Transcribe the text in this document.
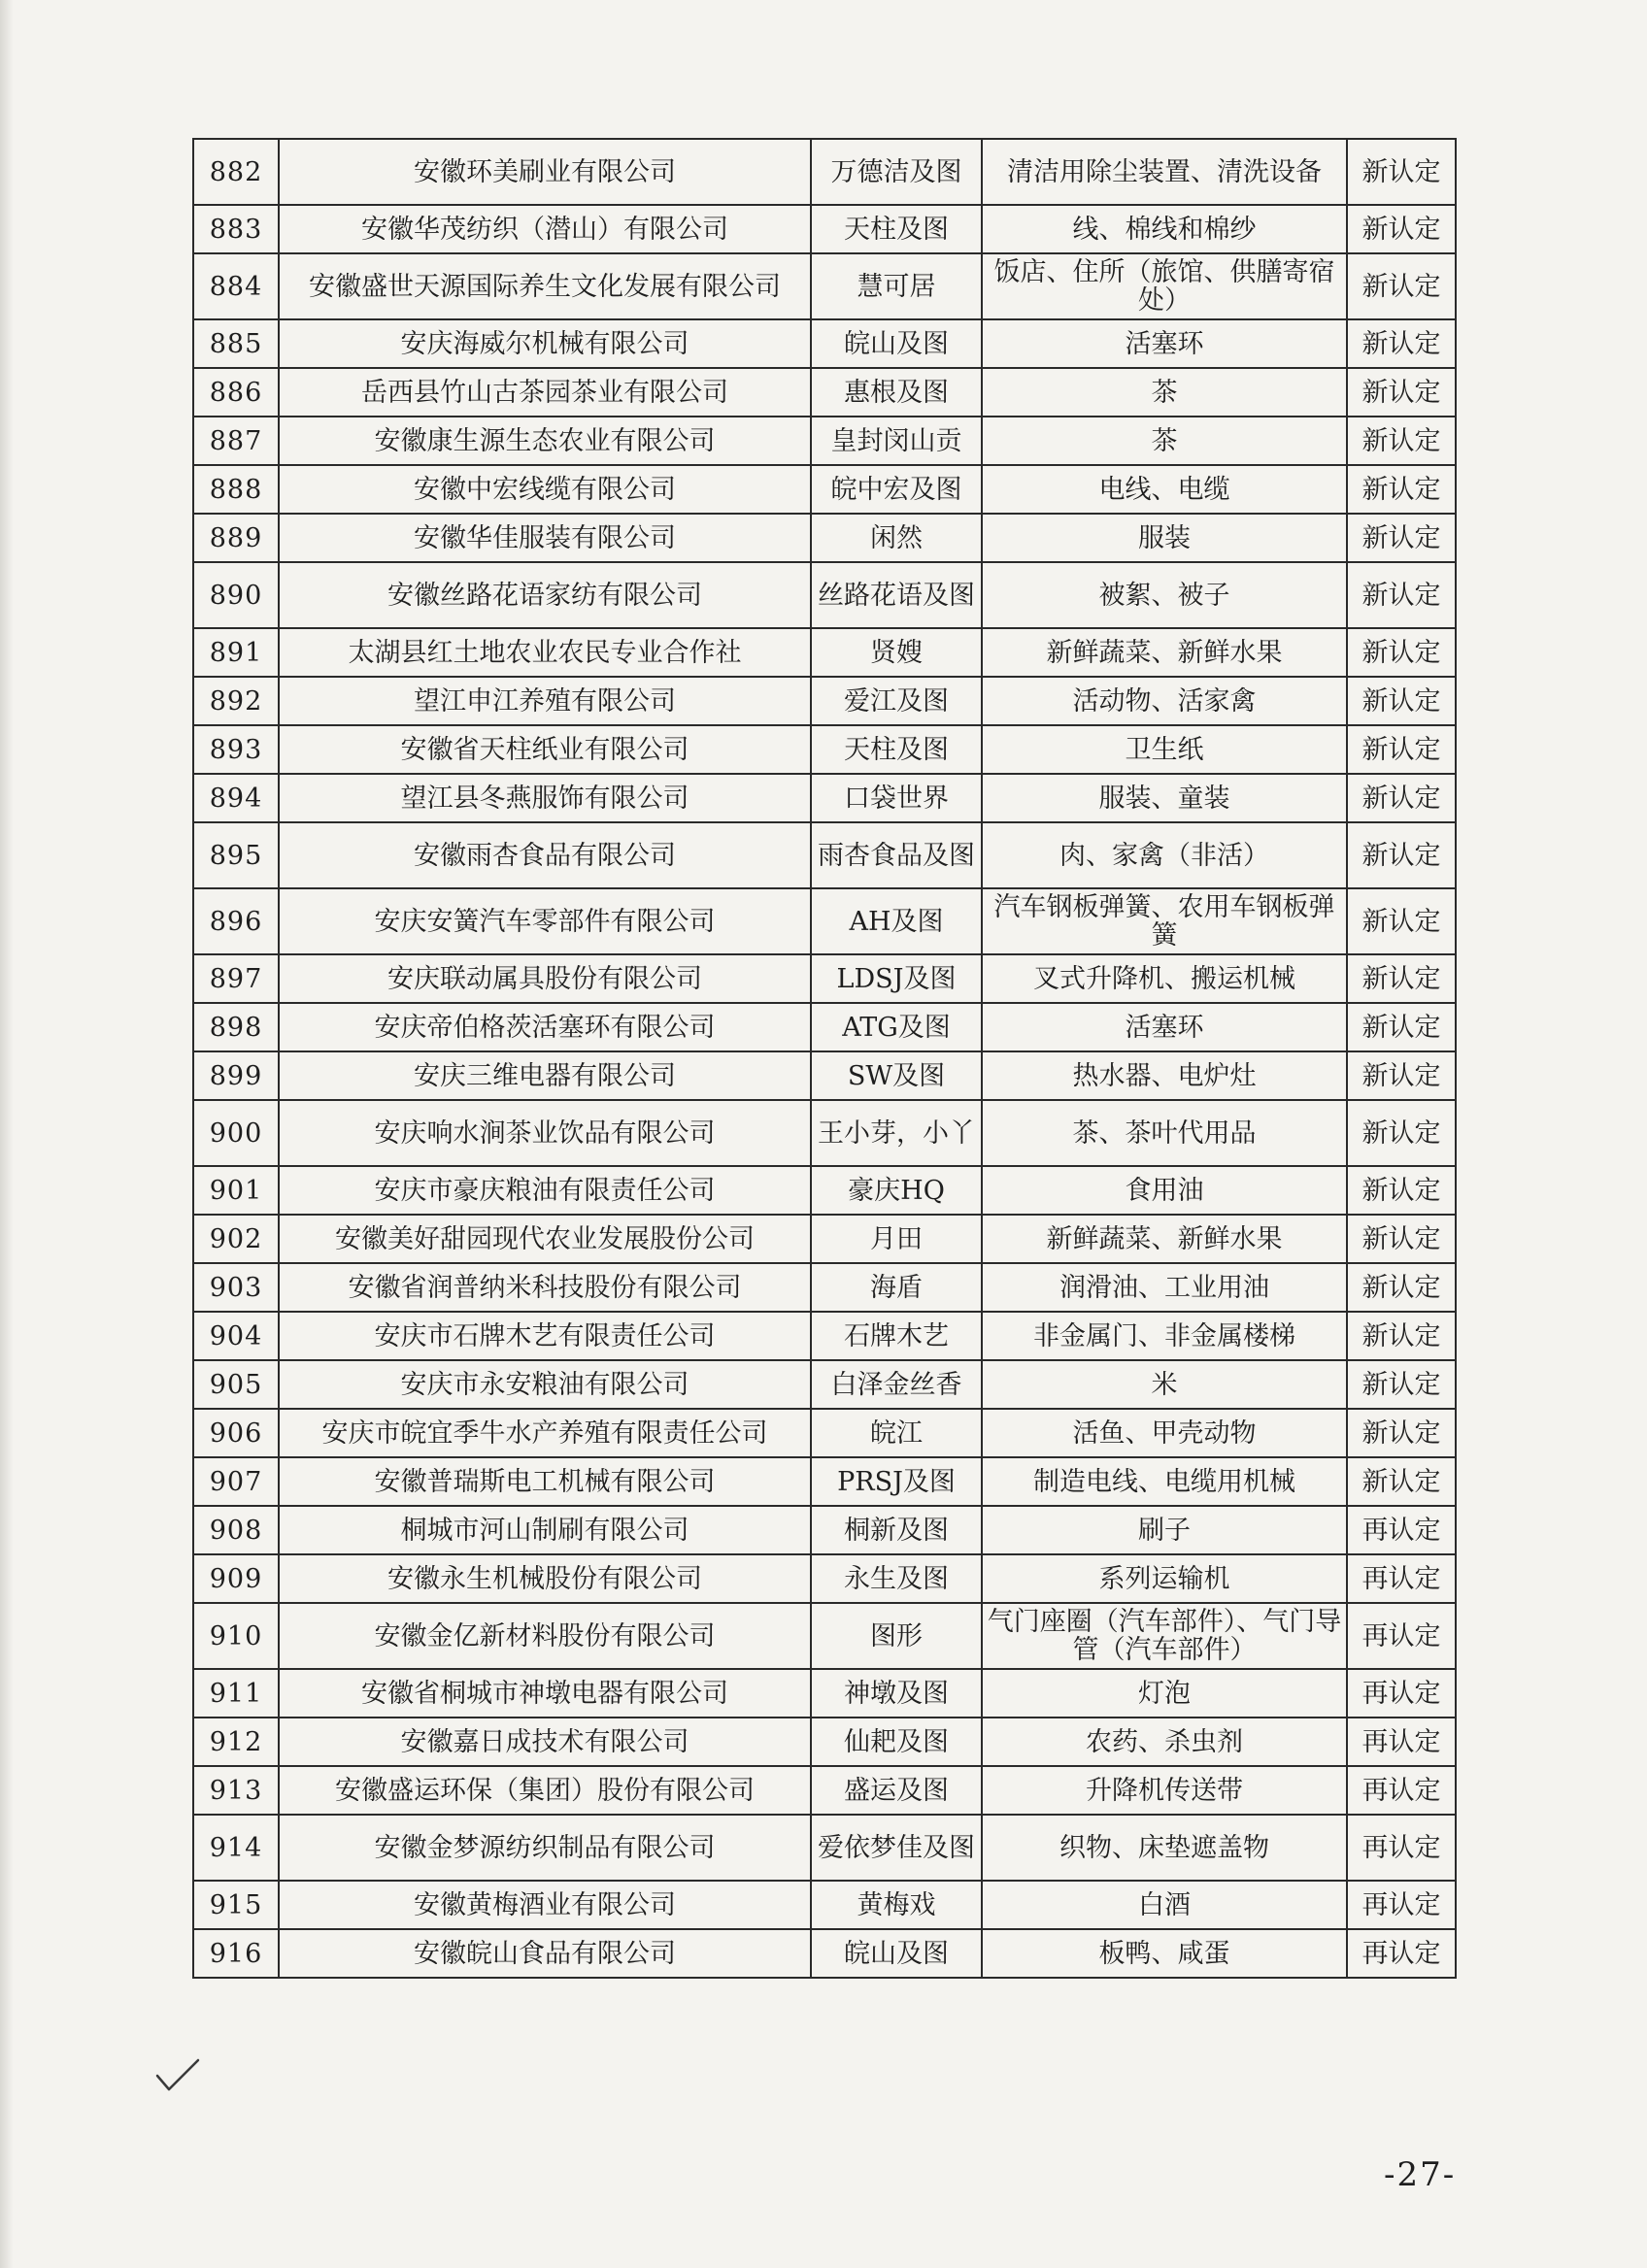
882	安徽环美刷业有限公司	万德洁及图	清洁用除尘装置、清洗设备	新认定
883	安徽华茂纺织（潜山）有限公司	天柱及图	线、棉线和棉纱	新认定
884	安徽盛世天源国际养生文化发展有限公司	慧可居	饭店、住所（旅馆、供膳寄宿处）	新认定
885	安庆海威尔机械有限公司	皖山及图	活塞环	新认定
886	岳西县竹山古茶园茶业有限公司	惠根及图	茶	新认定
887	安徽康生源生态农业有限公司	皇封闵山贡	茶	新认定
888	安徽中宏线缆有限公司	皖中宏及图	电线、电缆	新认定
889	安徽华佳服装有限公司	闲然	服装	新认定
890	安徽丝路花语家纺有限公司	丝路花语及图	被絮、被子	新认定
891	太湖县红土地农业农民专业合作社	贤嫂	新鲜蔬菜、新鲜水果	新认定
892	望江申江养殖有限公司	爱江及图	活动物、活家禽	新认定
893	安徽省天柱纸业有限公司	天柱及图	卫生纸	新认定
894	望江县冬燕服饰有限公司	口袋世界	服装、童装	新认定
895	安徽雨杏食品有限公司	雨杏食品及图	肉、家禽（非活）	新认定
896	安庆安簧汽车零部件有限公司	AH及图	汽车钢板弹簧、农用车钢板弹簧	新认定
897	安庆联动属具股份有限公司	LDSJ及图	叉式升降机、搬运机械	新认定
898	安庆帝伯格茨活塞环有限公司	ATG及图	活塞环	新认定
899	安庆三维电器有限公司	SW及图	热水器、电炉灶	新认定
900	安庆响水涧茶业饮品有限公司	王小芽，小丫	茶、茶叶代用品	新认定
901	安庆市豪庆粮油有限责任公司	豪庆HQ	食用油	新认定
902	安徽美好甜园现代农业发展股份公司	月田	新鲜蔬菜、新鲜水果	新认定
903	安徽省润普纳米科技股份有限公司	海盾	润滑油、工业用油	新认定
904	安庆市石牌木艺有限责任公司	石牌木艺	非金属门、非金属楼梯	新认定
905	安庆市永安粮油有限公司	白泽金丝香	米	新认定
906	安庆市皖宜季牛水产养殖有限责任公司	皖江	活鱼、甲壳动物	新认定
907	安徽普瑞斯电工机械有限公司	PRSJ及图	制造电线、电缆用机械	新认定
908	桐城市河山制刷有限公司	桐新及图	刷子	再认定
909	安徽永生机械股份有限公司	永生及图	系列运输机	再认定
910	安徽金亿新材料股份有限公司	图形	气门座圈（汽车部件）、气门导管（汽车部件）	再认定
911	安徽省桐城市神墩电器有限公司	神墩及图	灯泡	再认定
912	安徽嘉日成技术有限公司	仙耙及图	农药、杀虫剂	再认定
913	安徽盛运环保（集团）股份有限公司	盛运及图	升降机传送带	再认定
914	安徽金梦源纺织制品有限公司	爱依梦佳及图	织物、床垫遮盖物	再认定
915	安徽黄梅酒业有限公司	黄梅戏	白酒	再认定
916	安徽皖山食品有限公司	皖山及图	板鸭、咸蛋	再认定
-27-
